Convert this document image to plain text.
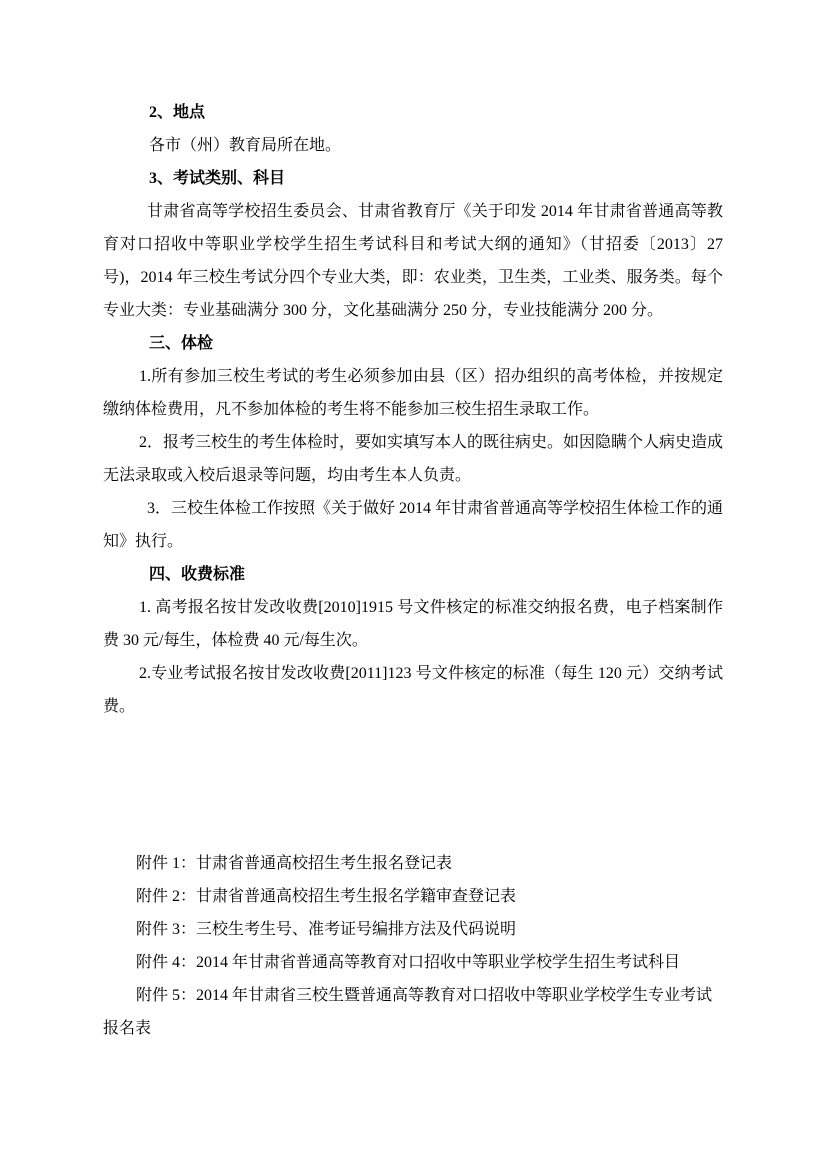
2、地点

各市（州）教育局所在地。

3、考试类别、科目

甘肃省高等学校招生委员会、甘肃省教育厅《关于印发 2014 年甘肃省普通高等教育对口招收中等职业学校学生招生考试科目和考试大纲的通知》（甘招委〔2013〕27 号)，2014 年三校生考试分四个专业大类，即：农业类，卫生类，工业类、服务类。每个专业大类：专业基础满分 300 分，文化基础满分 250 分，专业技能满分 200 分。

三、体检

1.所有参加三校生考试的考生必须参加由县（区）招办组织的高考体检，并按规定缴纳体检费用，凡不参加体检的考生将不能参加三校生招生录取工作。

2．报考三校生的考生体检时，要如实填写本人的既往病史。如因隐瞒个人病史造成无法录取或入校后退录等问题，均由考生本人负责。

3．三校生体检工作按照《关于做好 2014 年甘肃省普通高等学校招生体检工作的通知》执行。

四、收费标准

1. 高考报名按甘发改收费[2010]1915 号文件核定的标准交纳报名费，电子档案制作费 30 元/每生，体检费 40 元/每生次。

2.专业考试报名按甘发改收费[2011]123 号文件核定的标准（每生 120 元）交纳考试费。

附件 1：甘肃省普通高校招生考生报名登记表

附件 2：甘肃省普通高校招生考生报名学籍审查登记表

附件 3：三校生考生号、准考证号编排方法及代码说明

附件 4：2014 年甘肃省普通高等教育对口招收中等职业学校学生招生考试科目

附件 5：2014 年甘肃省三校生暨普通高等教育对口招收中等职业学校学生专业考试报名表
